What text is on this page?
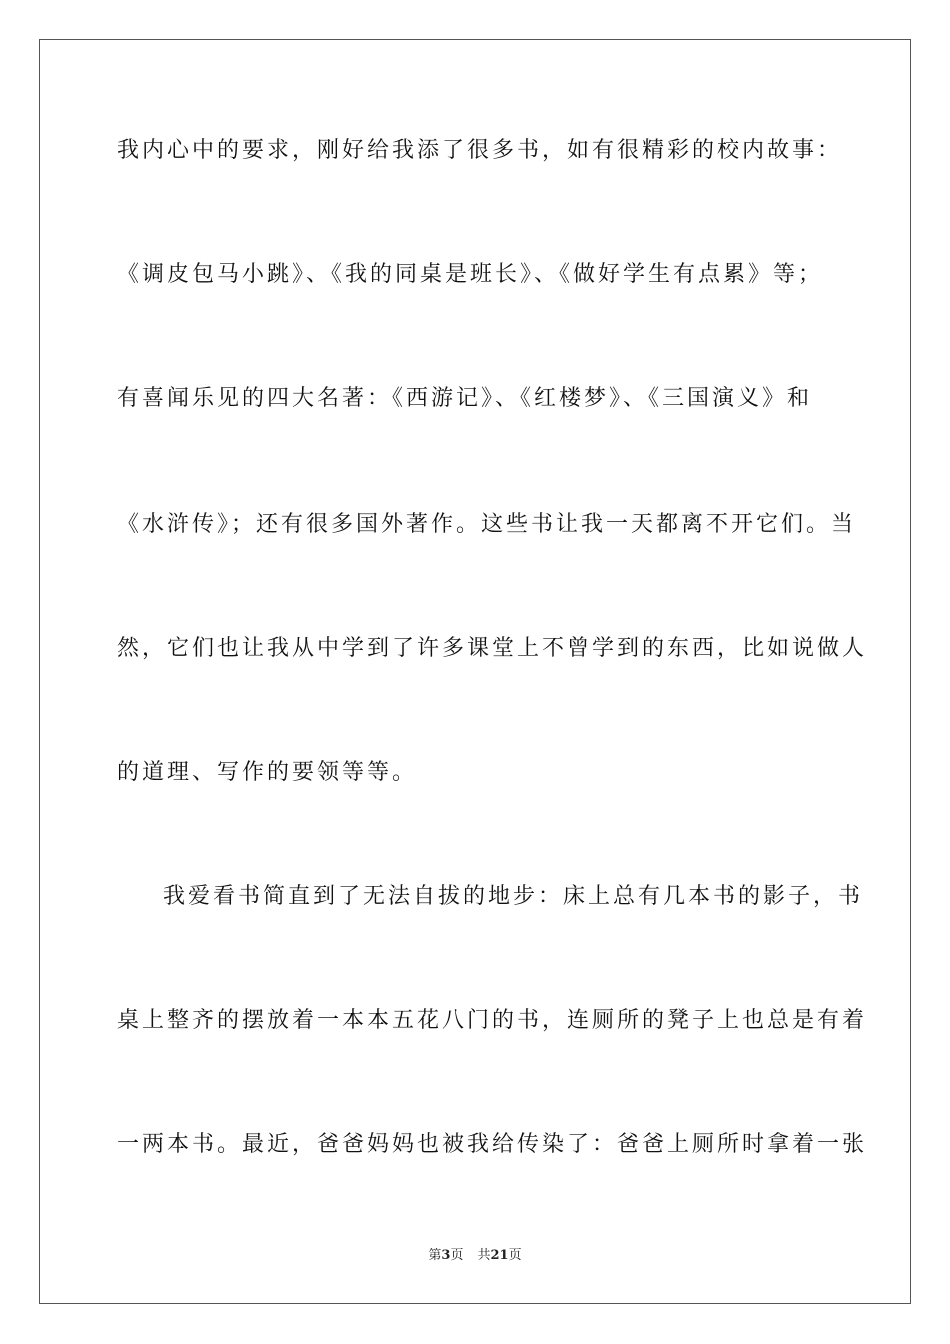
我内心中的要求，刚好给我添了很多书，如有很精彩的校内故事：
《调皮包马小跳》、《我的同桌是班长》、《做好学生有点累》等；
有喜闻乐见的四大名著：《西游记》、《红楼梦》、《三国演义》和
《水浒传》；还有很多国外著作。这些书让我一天都离不开它们。当
然，它们也让我从中学到了许多课堂上不曾学到的东西，比如说做人
的道理、写作的要领等等。
我爱看书简直到了无法自拔的地步：床上总有几本书的影子，书
桌上整齐的摆放着一本本五花八门的书，连厕所的凳子上也总是有着
一两本书。最近，爸爸妈妈也被我给传染了：爸爸上厕所时拿着一张
第3页 共21页
